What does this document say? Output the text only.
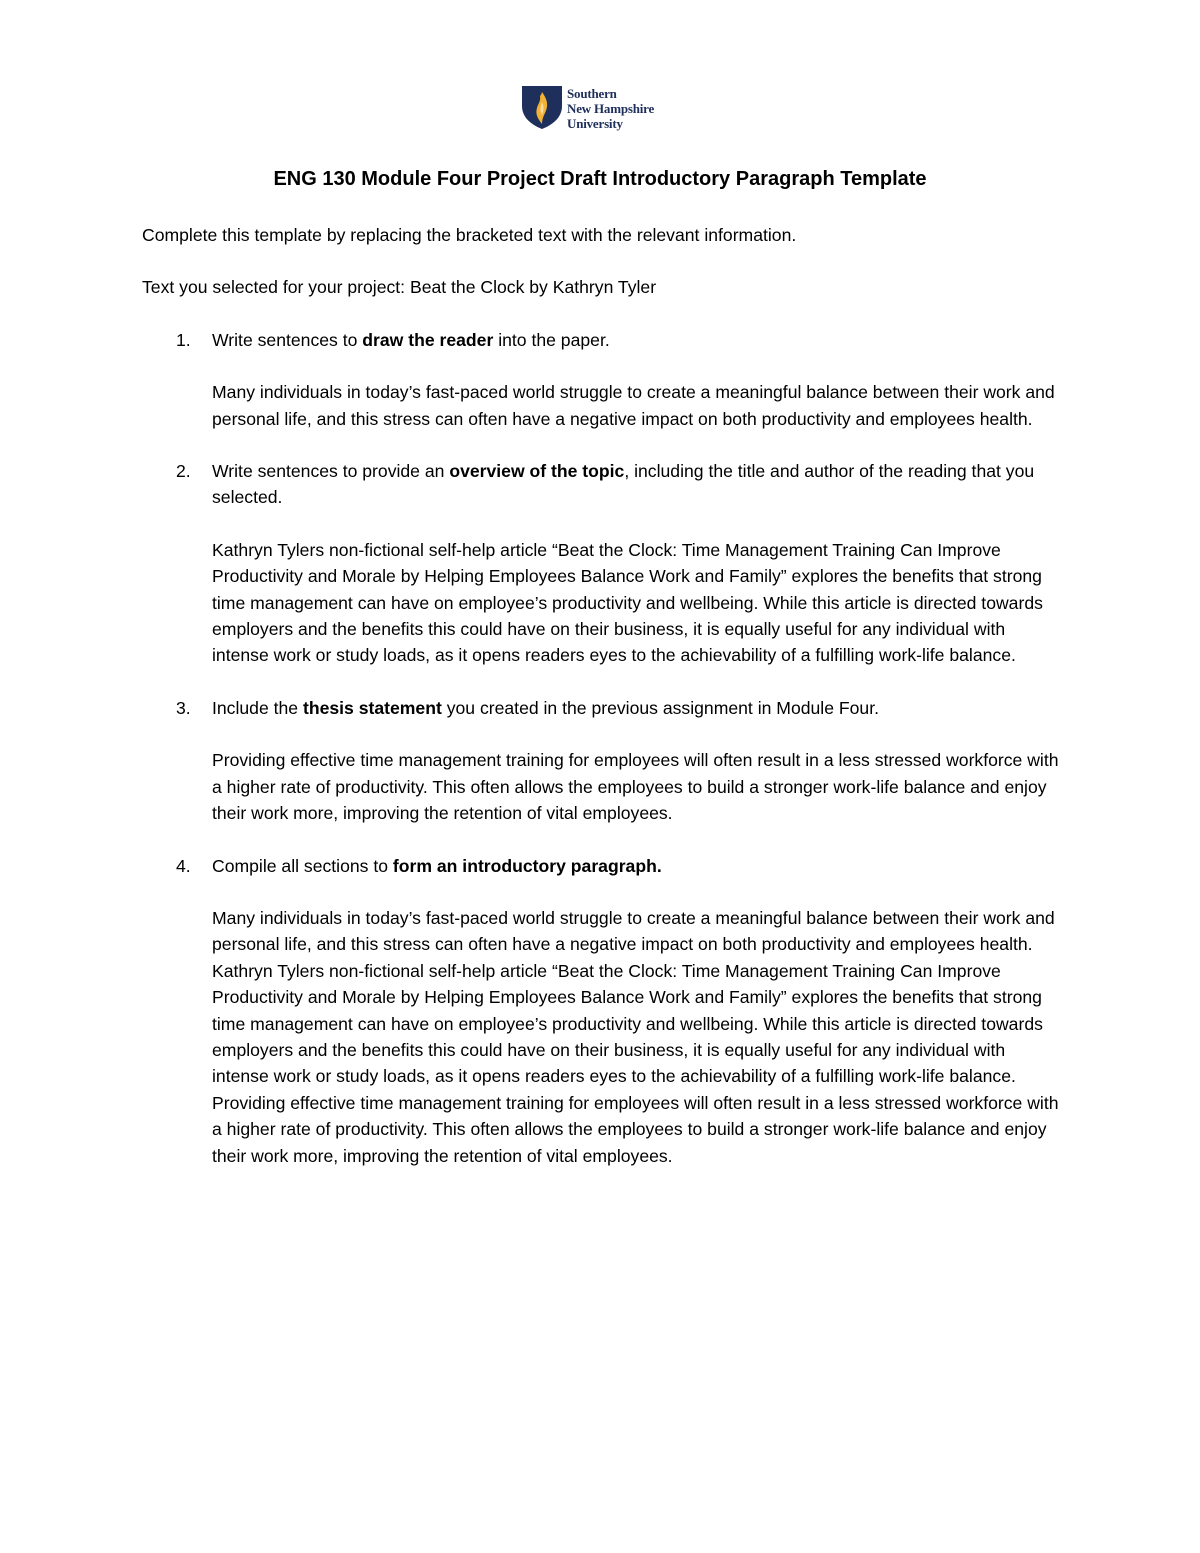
Southern
New Hampshire
University
ENG 130 Module Four Project Draft Introductory Paragraph Template

Complete this template by replacing the bracketed text with the relevant information.

Text you selected for your project: Beat the Clock by Kathryn Tyler

1. Write sentences to draw the reader into the paper.

Many individuals in today’s fast-paced world struggle to create a meaningful balance between their work and personal life, and this stress can often have a negative impact on both productivity and employees health.

2. Write sentences to provide an overview of the topic, including the title and author of the reading that you selected.

Kathryn Tylers non-fictional self-help article “Beat the Clock: Time Management Training Can Improve Productivity and Morale by Helping Employees Balance Work and Family” explores the benefits that strong time management can have on employee’s productivity and wellbeing. While this article is directed towards employers and the benefits this could have on their business, it is equally useful for any individual with intense work or study loads, as it opens readers eyes to the achievability of a fulfilling work-life balance.

3. Include the thesis statement you created in the previous assignment in Module Four.

Providing effective time management training for employees will often result in a less stressed workforce with a higher rate of productivity. This often allows the employees to build a stronger work-life balance and enjoy their work more, improving the retention of vital employees.

4. Compile all sections to form an introductory paragraph.

Many individuals in today’s fast-paced world struggle to create a meaningful balance between their work and personal life, and this stress can often have a negative impact on both productivity and employees health. Kathryn Tylers non-fictional self-help article “Beat the Clock: Time Management Training Can Improve Productivity and Morale by Helping Employees Balance Work and Family” explores the benefits that strong time management can have on employee’s productivity and wellbeing. While this article is directed towards employers and the benefits this could have on their business, it is equally useful for any individual with intense work or study loads, as it opens readers eyes to the achievability of a fulfilling work-life balance. Providing effective time management training for employees will often result in a less stressed workforce with a higher rate of productivity. This often allows the employees to build a stronger work-life balance and enjoy their work more, improving the retention of vital employees.
